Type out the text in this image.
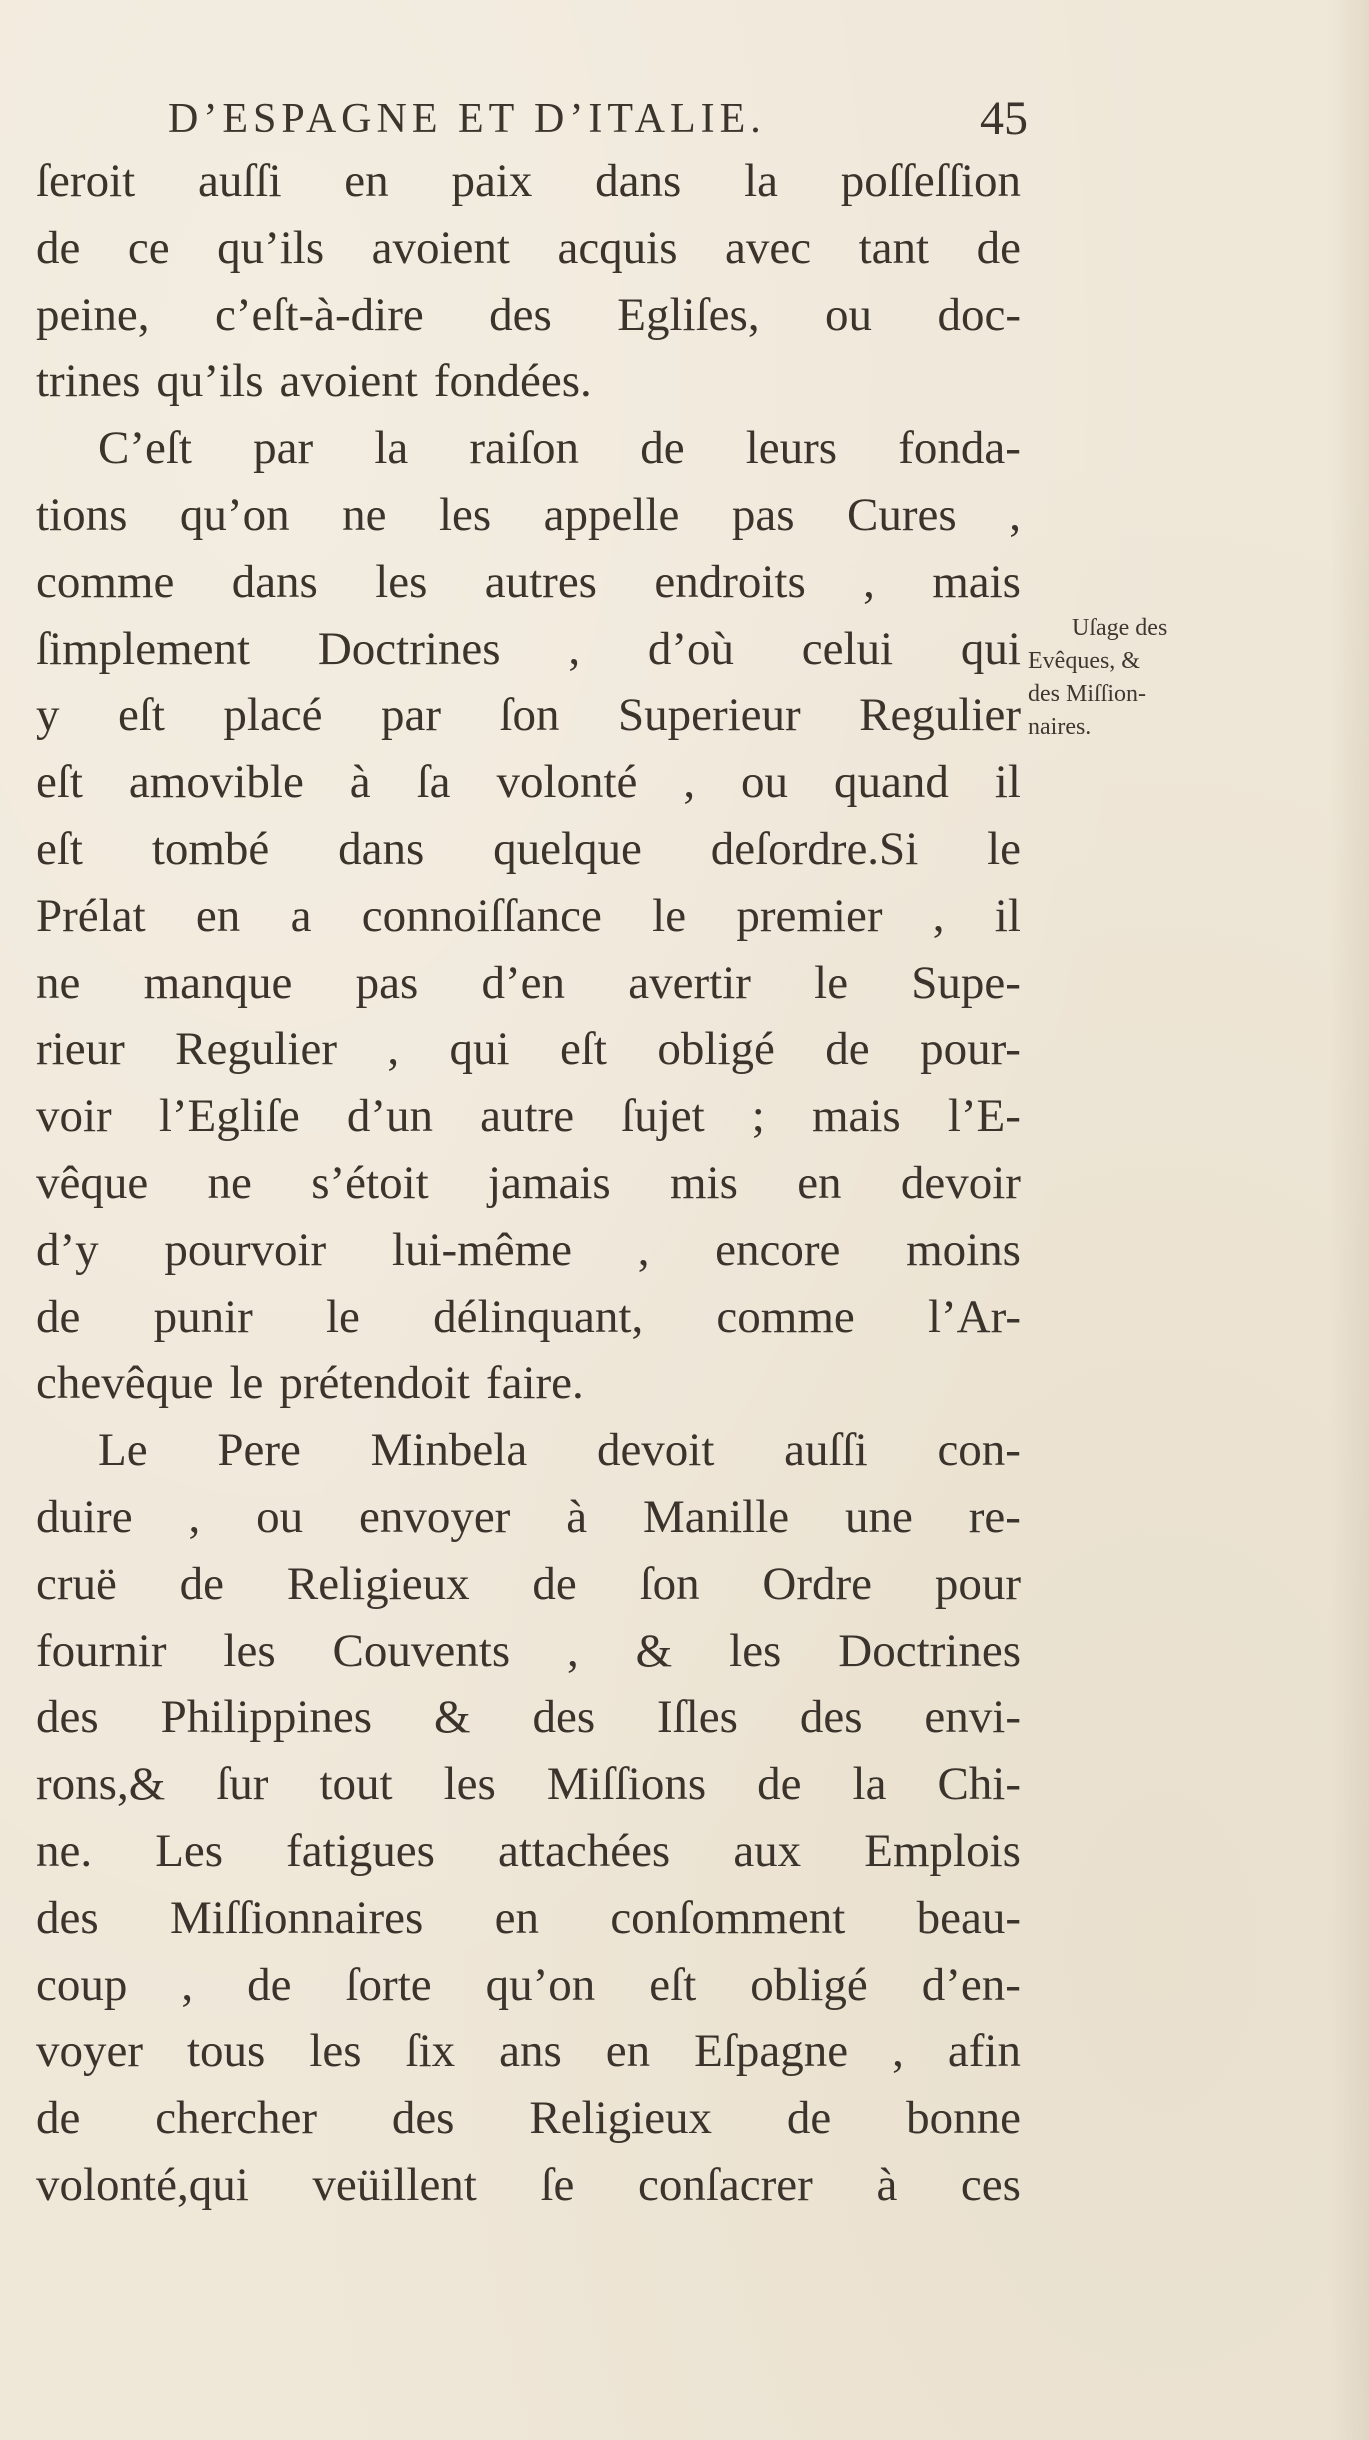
D’ESPAGNE ET D’ITALIE.	45
ſeroit auſſi en paix dans la poſſeſſion
de ce qu’ils avoient acquis avec tant de
peine, c’eſt-à-dire des Egliſes, ou doc-
trines qu’ils avoient fondées.
C’eſt par la raiſon de leurs fonda-
tions qu’on ne les appelle pas Cures ,
comme dans les autres endroits , mais
ſimplement Doctrines , d’où celui qui
y eſt placé par ſon Superieur Regulier
eſt amovible à ſa volonté , ou quand il
eſt tombé dans quelque deſordre.Si le
Prélat en a connoiſſance le premier , il
ne manque pas d’en avertir le Supe-
rieur Regulier , qui eſt obligé de pour-
voir l’Egliſe d’un autre ſujet ; mais l’E-
vêque ne s’étoit jamais mis en devoir
d’y pourvoir lui-même , encore moins
de punir le délinquant, comme l’Ar-
chevêque le prétendoit faire.
Le Pere Minbela devoit auſſi con-
duire , ou envoyer à Manille une re-
cruë de Religieux de ſon Ordre pour
fournir les Couvents , & les Doctrines
des Philippines & des Iſles des envi-
rons,& ſur tout les Miſſions de la Chi-
ne. Les fatigues attachées aux Emplois
des Miſſionnaires en conſomment beau-
coup , de ſorte qu’on eſt obligé d’en-
voyer tous les ſix ans en Eſpagne , afin
de chercher des Religieux de bonne
volonté,qui veüillent ſe conſacrer à ces
Uſage des
Evêques, &
des Miſſion-
naires.
